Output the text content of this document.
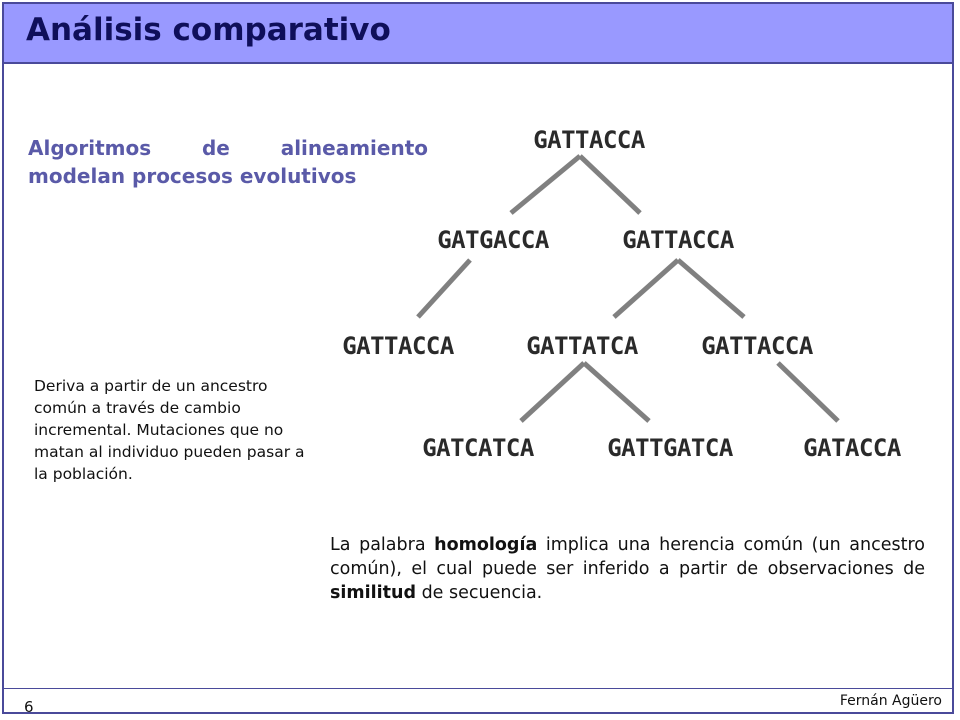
Análisis comparativo

Algoritmos de alineamiento modelan procesos evolutivos

GATTACCA
GATGACCA	GATTACCA
GATTACCA	GATTATCA	GATTACCA
GATCATCA	GATTGATCA	GATACCA

Deriva a partir de un ancestro común a través de cambio incremental. Mutaciones que no matan al individuo pueden pasar a la población.

La palabra homología implica una herencia común (un ancestro común), el cual puede ser inferido a partir de observaciones de similitud de secuencia.

6	Fernán Agüero
